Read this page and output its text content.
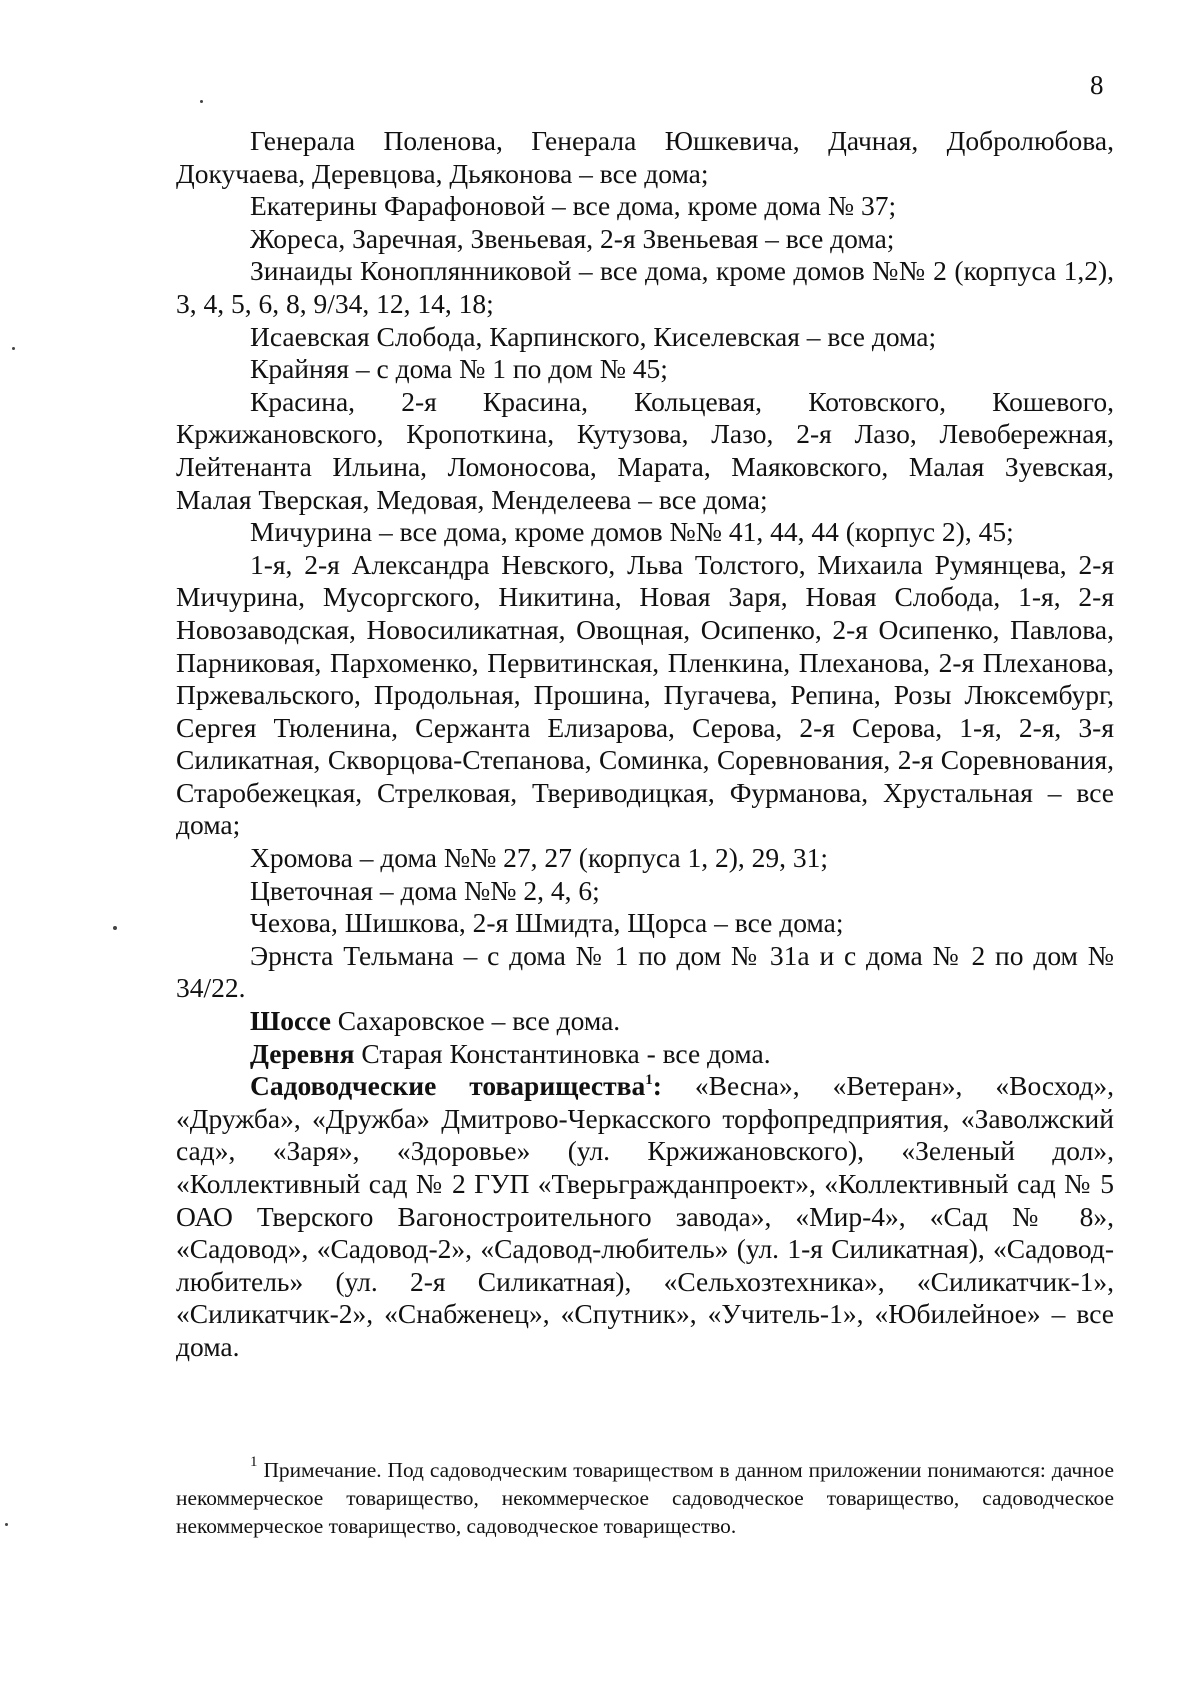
8

Генерала Поленова, Генерала Юшкевича, Дачная, Добролюбова, Докучаева, Деревцова, Дьяконова – все дома;

Екатерины Фарафоновой – все дома, кроме дома № 37;

Жореса, Заречная, Звеньевая, 2-я Звеньевая – все дома;

Зинаиды Коноплянниковой – все дома, кроме домов №№ 2 (корпуса 1,2), 3, 4, 5, 6, 8, 9/34, 12, 14, 18;

Исаевская Слобода, Карпинского, Киселевская – все дома;

Крайняя – с дома № 1 по дом № 45;

Красина, 2-я Красина, Кольцевая, Котовского, Кошевого, Кржижановского, Кропоткина, Кутузова, Лазо, 2-я Лазо, Левобережная, Лейтенанта Ильина, Ломоносова, Марата, Маяковского, Малая Зуевская, Малая Тверская, Медовая, Менделеева – все дома;

Мичурина – все дома, кроме домов №№ 41, 44, 44 (корпус 2), 45;

1-я, 2-я Александра Невского, Льва Толстого, Михаила Румянцева, 2-я Мичурина, Мусоргского, Никитина, Новая Заря, Новая Слобода, 1-я, 2-я Новозаводская, Новосиликатная, Овощная, Осипенко, 2-я Осипенко, Павлова, Парниковая, Пархоменко, Первитинская, Пленкина, Плеханова, 2-я Плеханова, Пржевальского, Продольная, Прошина, Пугачева, Репина, Розы Люксембург, Сергея Тюленина, Сержанта Елизарова, Серова, 2-я Серова, 1-я, 2-я, 3-я Силикатная, Скворцова-Степанова, Соминка, Соревнования, 2-я Соревнования, Старобежецкая, Стрелковая, Твериводицкая, Фурманова, Хрустальная – все дома;

Хромова – дома №№ 27, 27 (корпуса 1, 2), 29, 31;

Цветочная – дома №№ 2, 4, 6;

Чехова, Шишкова, 2-я Шмидта, Щорса – все дома;

Эрнста Тельмана – с дома № 1 по дом № 31а и с дома № 2 по дом № 34/22.

Шоссе Сахаровское – все дома.

Деревня Старая Константиновка - все дома.

Садоводческие товарищества$^1$: «Весна», «Ветеран», «Восход», «Дружба», «Дружба» Дмитрово-Черкасского торфопредприятия, «Заволжский сад», «Заря», «Здоровье» (ул. Кржижановского), «Зеленый дол», «Коллективный сад № 2 ГУП «Тверьгражданпроект», «Коллективный сад № 5 ОАО Тверского Вагоностроительного завода», «Мир-4», «Сад № 8», «Садовод», «Садовод-2», «Садовод-любитель» (ул. 1-я Силикатная), «Садовод-любитель» (ул. 2-я Силикатная), «Сельхозтехника», «Силикатчик-1», «Силикатчик-2», «Снабженец», «Спутник», «Учитель-1», «Юбилейное» – все дома.

$^1$ Примечание. Под садоводческим товариществом в данном приложении понимаются: дачное некоммерческое товарищество, некоммерческое садоводческое товарищество, садоводческое некоммерческое товарищество, садоводческое товарищество.
